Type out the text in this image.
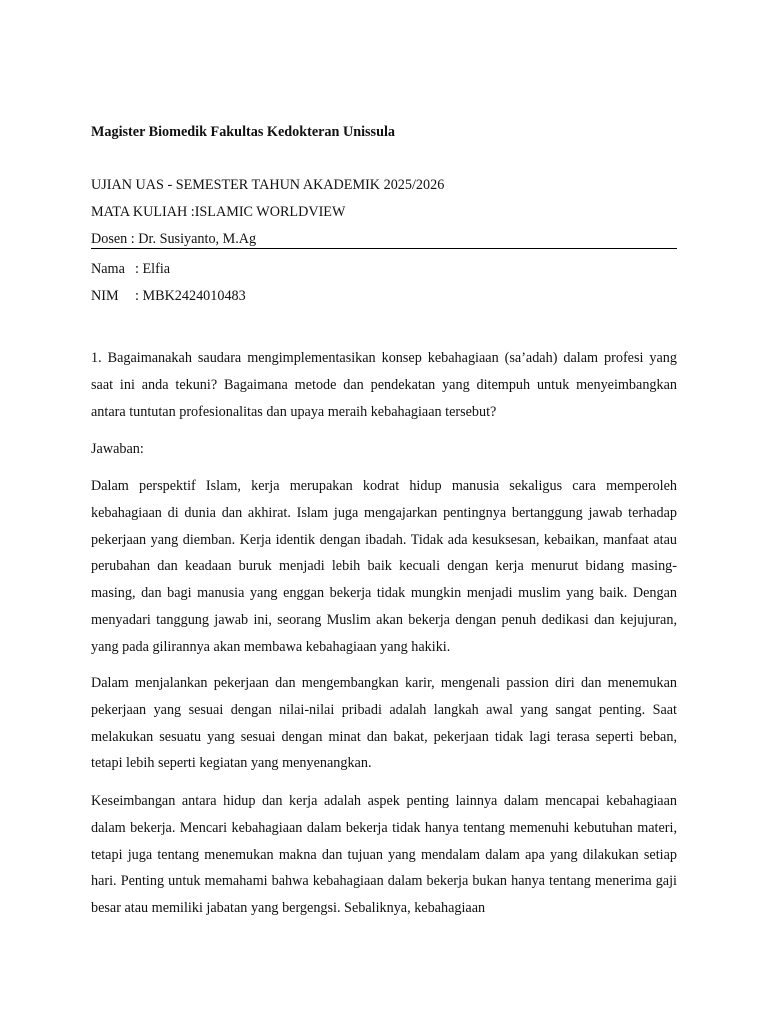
Magister Biomedik Fakultas Kedokteran Unissula

UJIAN UAS - SEMESTER TAHUN AKADEMIK 2025/2026

MATA KULIAH :ISLAMIC WORLDVIEW

Dosen : Dr. Susiyanto, M.Ag

Nama : Elfia

NIM : MBK2424010483

1. Bagaimanakah saudara mengimplementasikan konsep kebahagiaan (sa’adah) dalam profesi yang saat ini anda tekuni? Bagaimana metode dan pendekatan yang ditempuh untuk menyeimbangkan antara tuntutan profesionalitas dan upaya meraih kebahagiaan tersebut?

Jawaban:

Dalam perspektif Islam, kerja merupakan kodrat hidup manusia sekaligus cara memperoleh kebahagiaan di dunia dan akhirat. Islam juga mengajarkan pentingnya bertanggung jawab terhadap pekerjaan yang diemban. Kerja identik dengan ibadah. Tidak ada kesuksesan, kebaikan, manfaat atau perubahan dan keadaan buruk menjadi lebih baik kecuali dengan kerja menurut bidang masing-masing, dan bagi manusia yang enggan bekerja tidak mungkin menjadi muslim yang baik. Dengan menyadari tanggung jawab ini, seorang Muslim akan bekerja dengan penuh dedikasi dan kejujuran, yang pada gilirannya akan membawa kebahagiaan yang hakiki.

Dalam menjalankan pekerjaan dan mengembangkan karir, mengenali passion diri dan menemukan pekerjaan yang sesuai dengan nilai-nilai pribadi adalah langkah awal yang sangat penting. Saat melakukan sesuatu yang sesuai dengan minat dan bakat, pekerjaan tidak lagi terasa seperti beban, tetapi lebih seperti kegiatan yang menyenangkan.

Keseimbangan antara hidup dan kerja adalah aspek penting lainnya dalam mencapai kebahagiaan dalam bekerja. Mencari kebahagiaan dalam bekerja tidak hanya tentang memenuhi kebutuhan materi, tetapi juga tentang menemukan makna dan tujuan yang mendalam dalam apa yang dilakukan setiap hari. Penting untuk memahami bahwa kebahagiaan dalam bekerja bukan hanya tentang menerima gaji besar atau memiliki jabatan yang bergengsi. Sebaliknya, kebahagiaan
